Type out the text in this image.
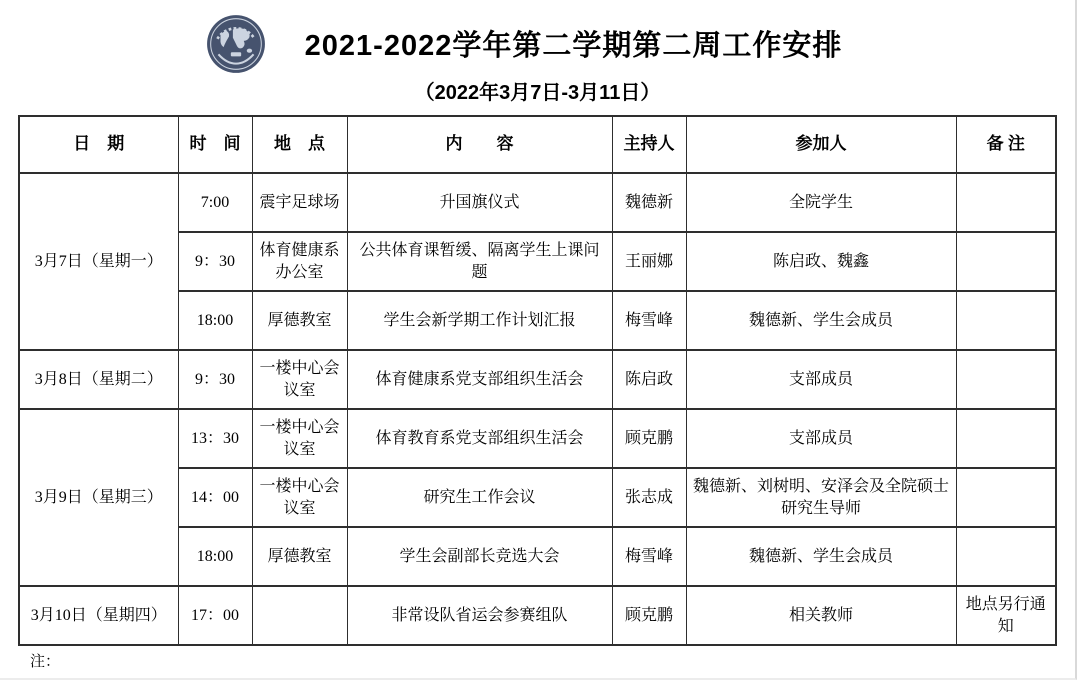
2021-2022学年第二学期第二周工作安排
（2022年3月7日-3月11日）
日　期	时　间	地　点	内　　容	主持人	参加人	备 注
3月7日（星期一）	7:00	震宇足球场	升国旗仪式	魏德新	全院学生	
	9：30	体育健康系办公室	公共体育课暂缓、隔离学生上课问题	王丽娜	陈启政、魏鑫	
	18:00	厚德教室	学生会新学期工作计划汇报	梅雪峰	魏德新、学生会成员	
3月8日（星期二）	9：30	一楼中心会议室	体育健康系党支部组织生活会	陈启政	支部成员	
3月9日（星期三）	13：30	一楼中心会议室	体育教育系党支部组织生活会	顾克鹏	支部成员	
	14：00	一楼中心会议室	研究生工作会议	张志成	魏德新、刘树明、安泽会及全院硕士研究生导师	
	18:00	厚德教室	学生会副部长竞选大会	梅雪峰	魏德新、学生会成员	
3月10日（星期四）	17：00		非常设队省运会参赛组队	顾克鹏	相关教师	地点另行通知
注：
